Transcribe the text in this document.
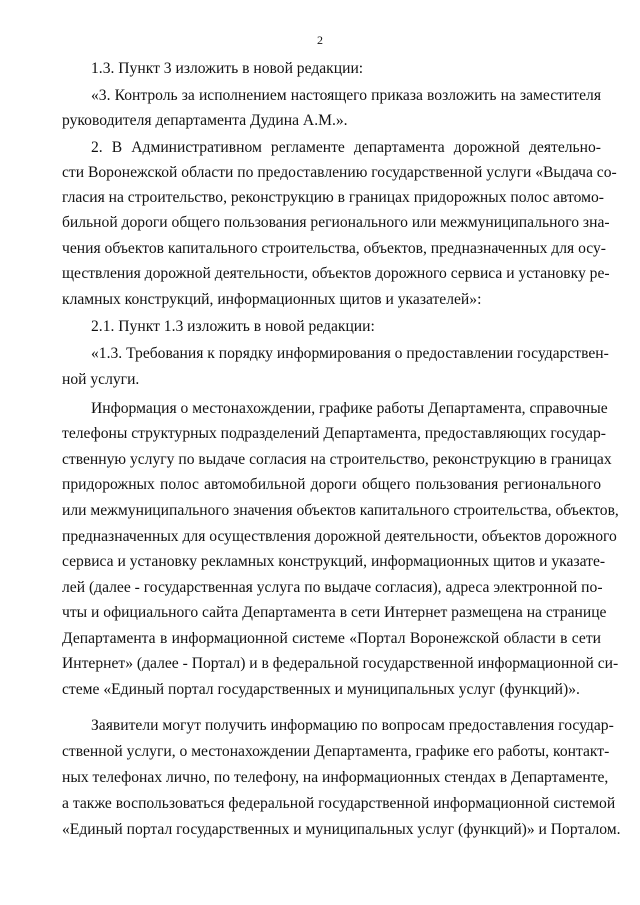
2
1.3. Пункт 3 изложить в новой редакции:
«3. Контроль за исполнением настоящего приказа возложить на заместителя
руководителя департамента Дудина А.М.».
2. В Административном регламенте департамента дорожной деятельно-
сти Воронежской области по предоставлению государственной услуги «Выдача со-
гласия на строительство, реконструкцию в границах придорожных полос автомо-
бильной дороги общего пользования регионального или межмуниципального зна-
чения объектов капитального строительства, объектов, предназначенных для осу-
ществления дорожной деятельности, объектов дорожного сервиса и установку ре-
кламных конструкций, информационных щитов и указателей»:
2.1. Пункт 1.3 изложить в новой редакции:
«1.3. Требования к порядку информирования о предоставлении государствен-
ной услуги.
Информация о местонахождении, графике работы Департамента, справочные
телефоны структурных подразделений Департамента, предоставляющих государ-
ственную услугу по выдаче согласия на строительство, реконструкцию в границах
придорожных полос автомобильной дороги общего пользования регионального
или межмуниципального значения объектов капитального строительства, объектов,
предназначенных для осуществления дорожной деятельности, объектов дорожного
сервиса и установку рекламных конструкций, информационных щитов и указате-
лей (далее - государственная услуга по выдаче согласия), адреса электронной по-
чты и официального сайта Департамента в сети Интернет размещена на странице
Департамента в информационной системе «Портал Воронежской области в сети
Интернет» (далее - Портал) и в федеральной государственной информационной си-
стеме «Единый портал государственных и муниципальных услуг (функций)».
Заявители могут получить информацию по вопросам предоставления государ-
ственной услуги, о местонахождении Департамента, графике его работы, контакт-
ных телефонах лично, по телефону, на информационных стендах в Департаменте,
а также воспользоваться федеральной государственной информационной системой
«Единый портал государственных и муниципальных услуг (функций)» и Порталом.
